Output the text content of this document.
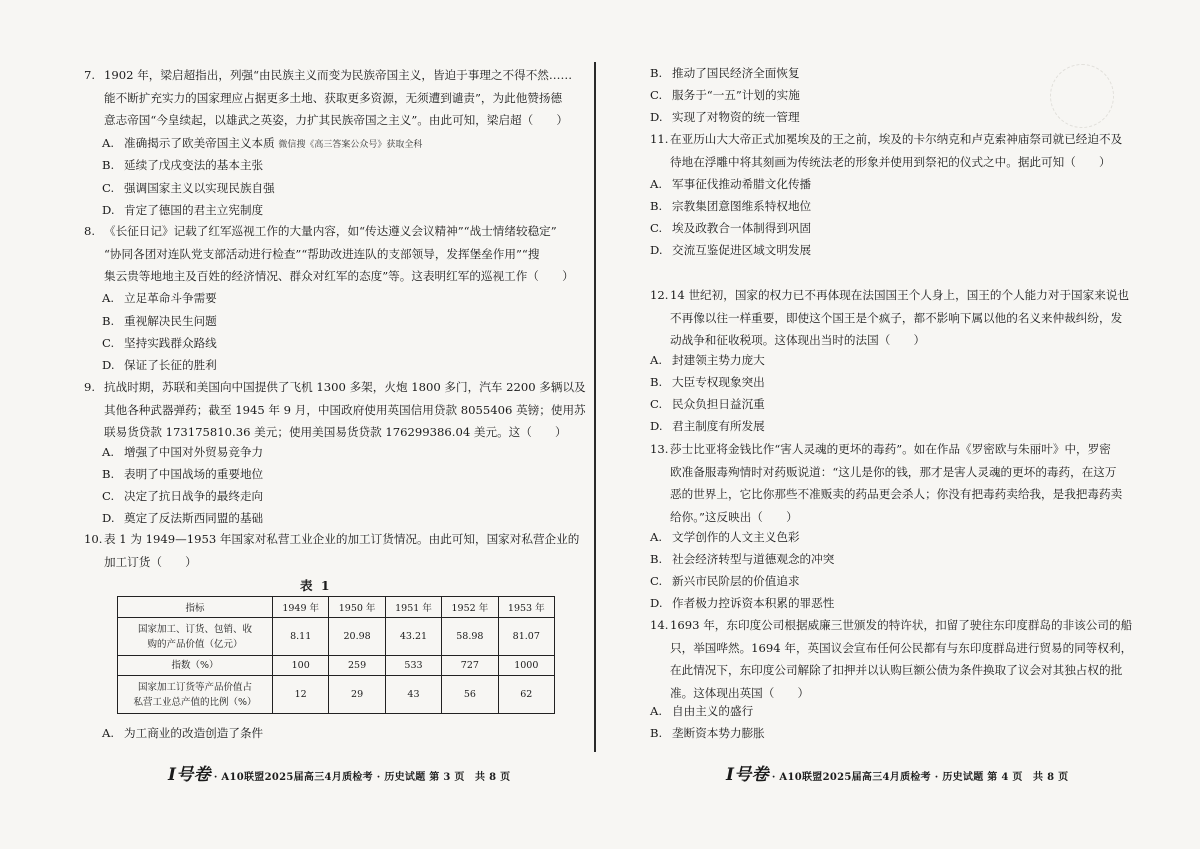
7. 1902 年，梁启超指出，列强“由民族主义而变为民族帝国主义，皆迫于事理之不得不然……
能不断扩充实力的国家理应占据更多土地、获取更多资源，无须遭到谴责”，为此他赞扬德
意志帝国“今皇续起，以雄武之英姿，力扩其民族帝国之主义”。由此可知，梁启超（　　）
A. 准确揭示了欧美帝国主义本质 微信搜《高三答案公众号》获取全科
B. 延续了戊戌变法的基本主张
C. 强调国家主义以实现民族自强
D. 肯定了德国的君主立宪制度
8. 《长征日记》记载了红军巡视工作的大量内容，如“传达遵义会议精神”“战士情绪较稳定”
“协同各团对连队党支部活动进行检查”“帮助改进连队的支部领导，发挥堡垒作用”“搜
集云贵等地地主及百姓的经济情况、群众对红军的态度”等。这表明红军的巡视工作（　　）
A. 立足革命斗争需要
B. 重视解决民生问题
C. 坚持实践群众路线
D. 保证了长征的胜利
9. 抗战时期，苏联和美国向中国提供了飞机 1300 多架，火炮 1800 多门，汽车 2200 多辆以及
其他各种武器弹药；截至 1945 年 9 月，中国政府使用英国信用贷款 8055406 英镑；使用苏
联易货贷款 173175810.36 美元；使用美国易货贷款 176299386.04 美元。这（　　）
A. 增强了中国对外贸易竞争力
B. 表明了中国战场的重要地位
C. 决定了抗日战争的最终走向
D. 奠定了反法斯西同盟的基础
10. 表 1 为 1949—1953 年国家对私营工业企业的加工订货情况。由此可知，国家对私营企业的
加工订货（　　）
表 1
指标	1949 年	1950 年	1951 年	1952 年	1953 年

国家加工、订货、包销、收
购的产品价值（亿元）	8.11	20.98	43.21	58.98	81.07

指数（%）	100	259	533	727	1000

国家加工订货等产品价值占
私营工业总产值的比例（%）	12	29	43	56	62
A. 为工商业的改造创造了条件
I号卷 · A10联盟2025届高三4月质检考 · 历史试题 第 3 页　共 8 页
B. 推动了国民经济全面恢复
C. 服务于“一五”计划的实施
D. 实现了对物资的统一管理
11. 在亚历山大大帝正式加冕埃及的王之前，埃及的卡尔纳克和卢克索神庙祭司就已经迫不及
待地在浮雕中将其刻画为传统法老的形象并使用到祭祀的仪式之中。据此可知（　　）
A. 军事征伐推动希腊文化传播
B. 宗教集团意图维系特权地位
C. 埃及政教合一体制得到巩固
D. 交流互鉴促进区域文明发展
12. 14 世纪初，国家的权力已不再体现在法国国王个人身上，国王的个人能力对于国家来说也
不再像以往一样重要，即使这个国王是个疯子，都不影响下属以他的名义来仲裁纠纷，发
动战争和征收税项。这体现出当时的法国（　　）
A. 封建领主势力庞大
B. 大臣专权现象突出
C. 民众负担日益沉重
D. 君主制度有所发展
13. 莎士比亚将金钱比作“害人灵魂的更坏的毒药”。如在作品《罗密欧与朱丽叶》中，罗密
欧准备服毒殉情时对药贩说道：“这儿是你的钱，那才是害人灵魂的更坏的毒药，在这万
恶的世界上，它比你那些不准贩卖的药品更会杀人；你没有把毒药卖给我，是我把毒药卖
给你。”这反映出（　　）
A. 文学创作的人文主义色彩
B. 社会经济转型与道德观念的冲突
C. 新兴市民阶层的价值追求
D. 作者极力控诉资本积累的罪恶性
14. 1693 年，东印度公司根据威廉三世颁发的特许状，扣留了驶往东印度群岛的非该公司的船
只，举国哗然。1694 年，英国议会宣布任何公民都有与东印度群岛进行贸易的同等权利，
在此情况下，东印度公司解除了扣押并以认购巨额公债为条件换取了议会对其独占权的批
准。这体现出英国（　　）
A. 自由主义的盛行
B. 垄断资本势力膨胀
I号卷 · A10联盟2025届高三4月质检考 · 历史试题 第 4 页　共 8 页
